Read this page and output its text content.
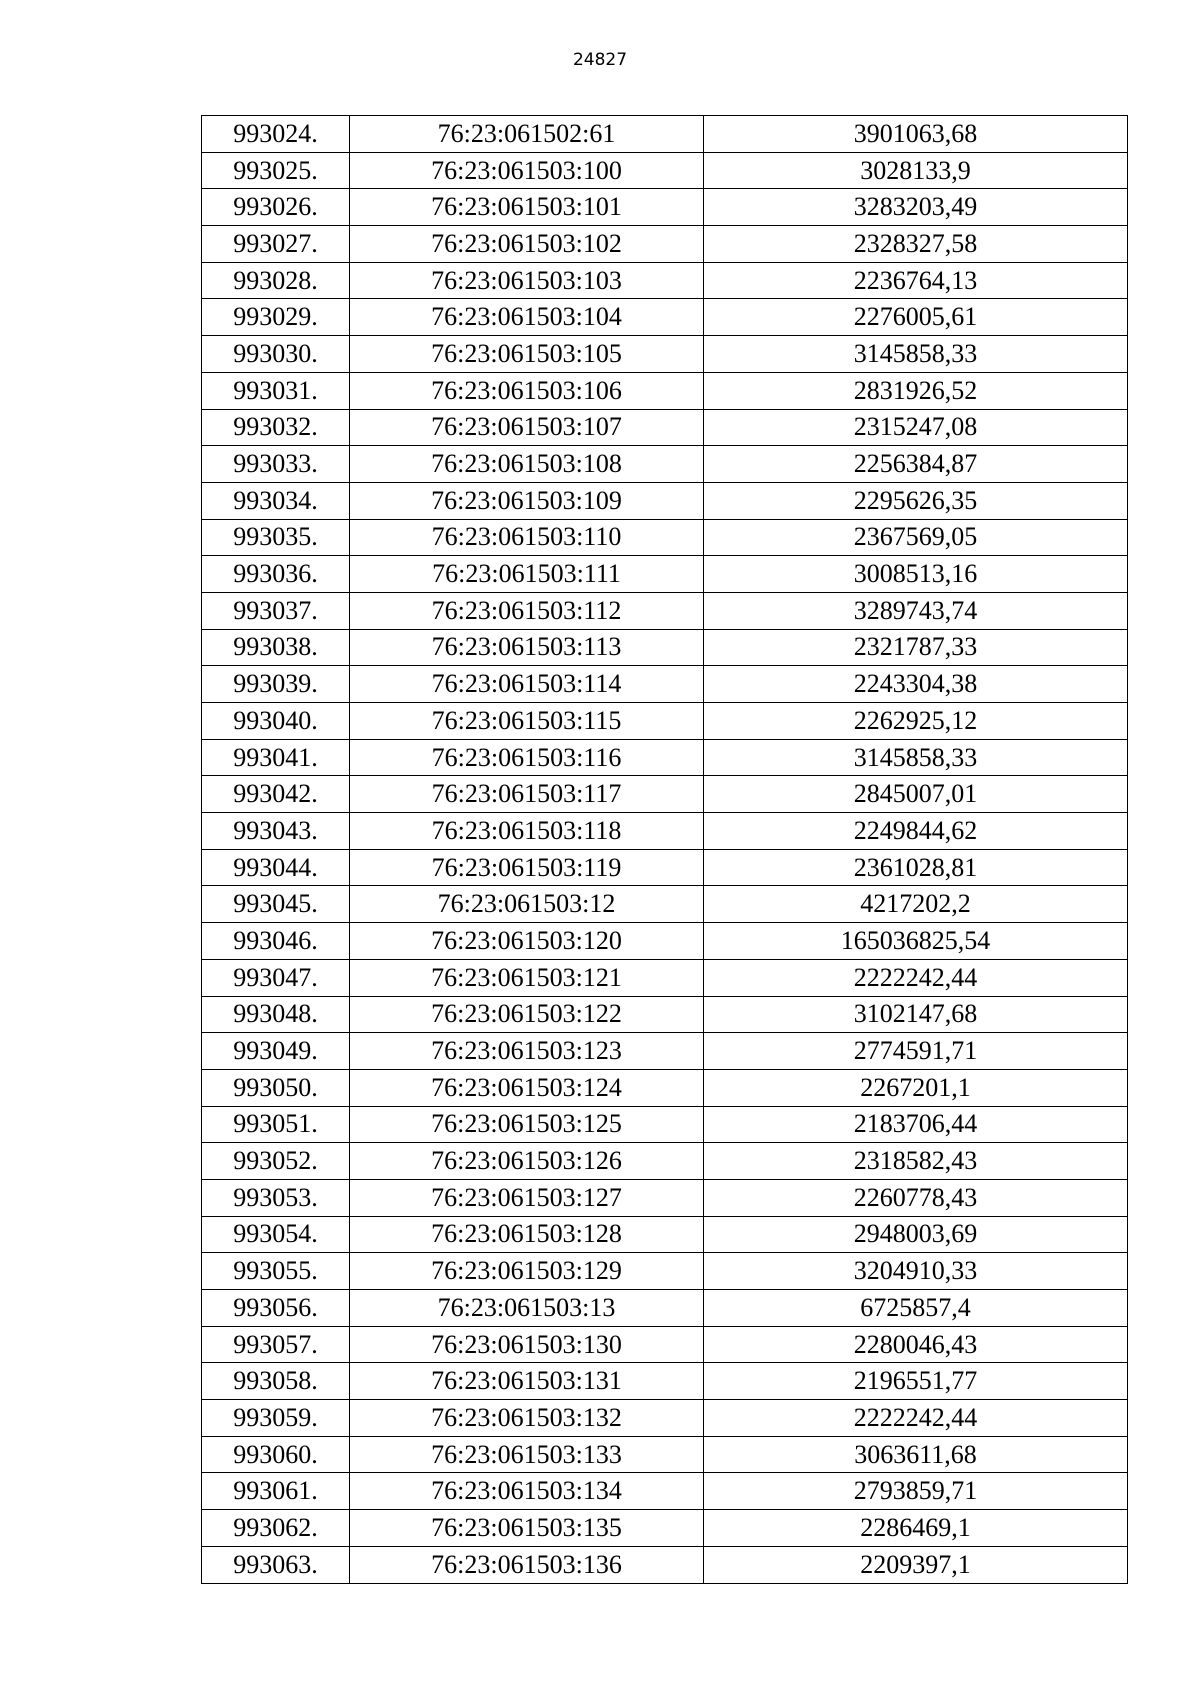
24827
993024.	76:23:061502:61	3901063,68
993025.	76:23:061503:100	3028133,9
993026.	76:23:061503:101	3283203,49
993027.	76:23:061503:102	2328327,58
993028.	76:23:061503:103	2236764,13
993029.	76:23:061503:104	2276005,61
993030.	76:23:061503:105	3145858,33
993031.	76:23:061503:106	2831926,52
993032.	76:23:061503:107	2315247,08
993033.	76:23:061503:108	2256384,87
993034.	76:23:061503:109	2295626,35
993035.	76:23:061503:110	2367569,05
993036.	76:23:061503:111	3008513,16
993037.	76:23:061503:112	3289743,74
993038.	76:23:061503:113	2321787,33
993039.	76:23:061503:114	2243304,38
993040.	76:23:061503:115	2262925,12
993041.	76:23:061503:116	3145858,33
993042.	76:23:061503:117	2845007,01
993043.	76:23:061503:118	2249844,62
993044.	76:23:061503:119	2361028,81
993045.	76:23:061503:12	4217202,2
993046.	76:23:061503:120	165036825,54
993047.	76:23:061503:121	2222242,44
993048.	76:23:061503:122	3102147,68
993049.	76:23:061503:123	2774591,71
993050.	76:23:061503:124	2267201,1
993051.	76:23:061503:125	2183706,44
993052.	76:23:061503:126	2318582,43
993053.	76:23:061503:127	2260778,43
993054.	76:23:061503:128	2948003,69
993055.	76:23:061503:129	3204910,33
993056.	76:23:061503:13	6725857,4
993057.	76:23:061503:130	2280046,43
993058.	76:23:061503:131	2196551,77
993059.	76:23:061503:132	2222242,44
993060.	76:23:061503:133	3063611,68
993061.	76:23:061503:134	2793859,71
993062.	76:23:061503:135	2286469,1
993063.	76:23:061503:136	2209397,1
